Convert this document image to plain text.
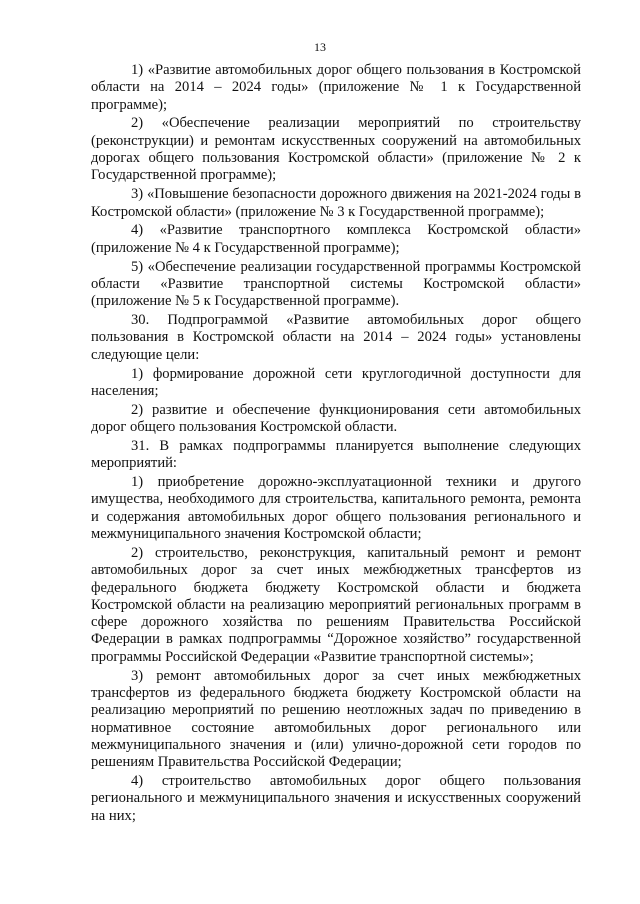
13

1) «Развитие автомобильных дорог общего пользования в Костромской области на 2014 – 2024 годы» (приложение № 1 к Государственной программе);

2) «Обеспечение реализации мероприятий по строительству (реконструкции) и ремонтам искусственных сооружений на автомобильных дорогах общего пользования Костромской области» (приложение № 2 к Государственной программе);

3) «Повышение безопасности дорожного движения на 2021-2024 годы в Костромской области» (приложение № 3 к Государственной программе);

4) «Развитие транспортного комплекса Костромской области» (приложение № 4 к Государственной программе);

5) «Обеспечение реализации государственной программы Костромской области «Развитие транспортной системы Костромской области» (приложение № 5 к Государственной программе).

30. Подпрограммой «Развитие автомобильных дорог общего пользования в Костромской области на 2014 – 2024 годы» установлены следующие цели:

1) формирование дорожной сети круглогодичной доступности для населения;

2) развитие и обеспечение функционирования сети автомобильных дорог общего пользования Костромской области.

31. В рамках подпрограммы планируется выполнение следующих мероприятий:

1) приобретение дорожно-эксплуатационной техники и другого имущества, необходимого для строительства, капитального ремонта, ремонта и содержания автомобильных дорог общего пользования регионального и межмуниципального значения Костромской области;

2) строительство, реконструкция, капитальный ремонт и ремонт автомобильных дорог за счет иных межбюджетных трансфертов из федерального бюджета бюджету Костромской области и бюджета Костромской области на реализацию мероприятий региональных программ в сфере дорожного хозяйства по решениям Правительства Российской Федерации в рамках подпрограммы “Дорожное хозяйство” государственной программы Российской Федерации «Развитие транспортной системы»;

3) ремонт автомобильных дорог за счет иных межбюджетных трансфертов из федерального бюджета бюджету Костромской области на реализацию мероприятий по решению неотложных задач по приведению в нормативное состояние автомобильных дорог регионального или межмуниципального значения и (или) улично-дорожной сети городов по решениям Правительства Российской Федерации;

4) строительство автомобильных дорог общего пользования регионального и межмуниципального значения и искусственных сооружений на них;
